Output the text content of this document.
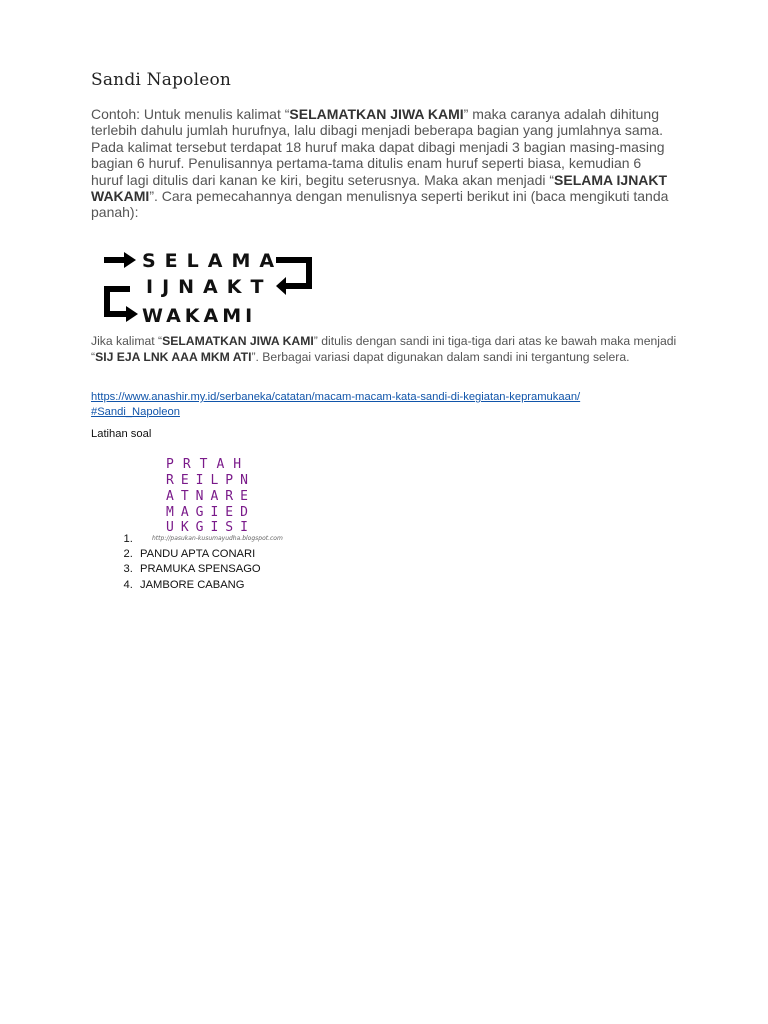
Sandi Napoleon

Contoh: Untuk menulis kalimat “SELAMATKAN JIWA KAMI” maka caranya adalah dihitung terlebih dahulu jumlah hurufnya, lalu dibagi menjadi beberapa bagian yang jumlahnya sama. Pada kalimat tersebut terdapat 18 huruf maka dapat dibagi menjadi 3 bagian masing-masing bagian 6 huruf. Penulisannya pertama-tama ditulis enam huruf seperti biasa, kemudian 6 huruf lagi ditulis dari kanan ke kiri, begitu seterusnya. Maka akan menjadi “SELAMA IJNAKT WAKAMI”. Cara pemecahannya dengan menulisnya seperti berikut ini (baca mengikuti tanda panah):

SELAMA
IJNAKT
WAKAMI

Jika kalimat “SELAMATKAN JIWA KAMI” ditulis dengan sandi ini tiga-tiga dari atas ke bawah maka menjadi “SIJ EJA LNK AAA MKM ATI”. Berbagai variasi dapat digunakan dalam sandi ini tergantung selera.

https://www.anashir.my.id/serbaneka/catatan/macam-macam-kata-sandi-di-kegiatan-kepramukaan/
#Sandi_Napoleon

Latihan soal

PRTAH
REILPN
ATNARE
MAGIED
UKGISI
http://pasukan-kusumayudha.blogspot.com
1.
2. PANDU APTA CONARI
3. PRAMUKA SPENSAGO
4. JAMBORE CABANG
